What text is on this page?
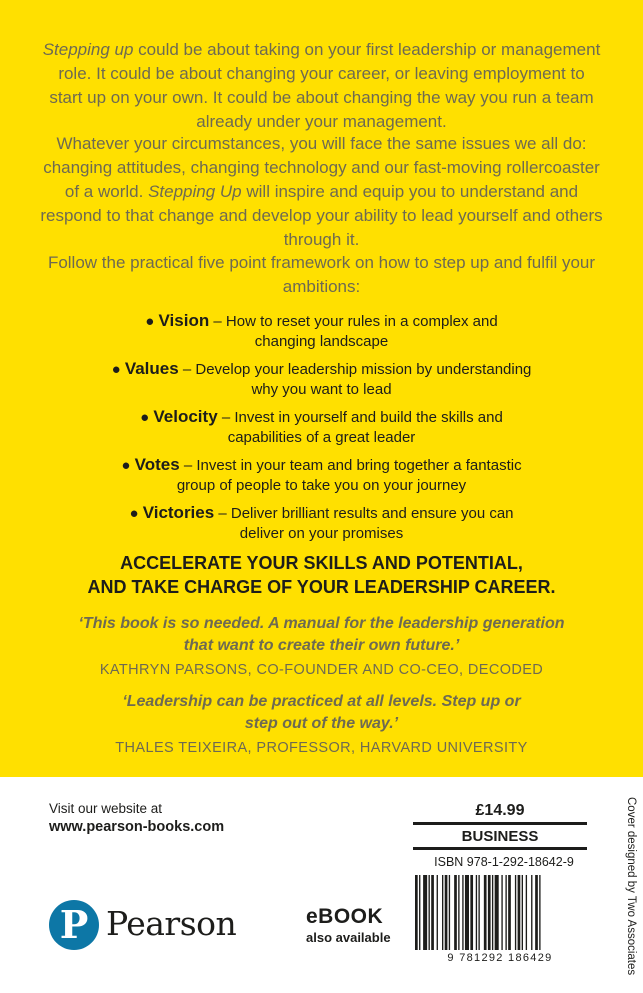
Stepping up could be about taking on your first leadership or management role. It could be about changing your career, or leaving employment to start up on your own. It could be about changing the way you run a team already under your management.
Whatever your circumstances, you will face the same issues we all do: changing attitudes, changing technology and our fast-moving rollercoaster of a world. Stepping Up will inspire and equip you to understand and respond to that change and develop your ability to lead yourself and others through it.
Follow the practical five point framework on how to step up and fulfil your ambitions:
● Vision – How to reset your rules in a complex and
changing landscape
● Values – Develop your leadership mission by understanding
why you want to lead
● Velocity – Invest in yourself and build the skills and
capabilities of a great leader
● Votes – Invest in your team and bring together a fantastic
group of people to take you on your journey
● Victories – Deliver brilliant results and ensure you can
deliver on your promises
ACCELERATE YOUR SKILLS AND POTENTIAL,
AND TAKE CHARGE OF YOUR LEADERSHIP CAREER.
‘This book is so needed. A manual for the leadership generation
that want to create their own future.’
KATHRYN PARSONS, CO-FOUNDER AND CO-CEO, DECODED
‘Leadership can be practiced at all levels. Step up or
step out of the way.’
THALES TEIXEIRA, PROFESSOR, HARVARD UNIVERSITY
Visit our website at
www.pearson-books.com
P Pearson	eBOOK
also available
£14.99
BUSINESS
ISBN 978-1-292-18642-9
9 781292 186429	Cover designed by Two Associates
